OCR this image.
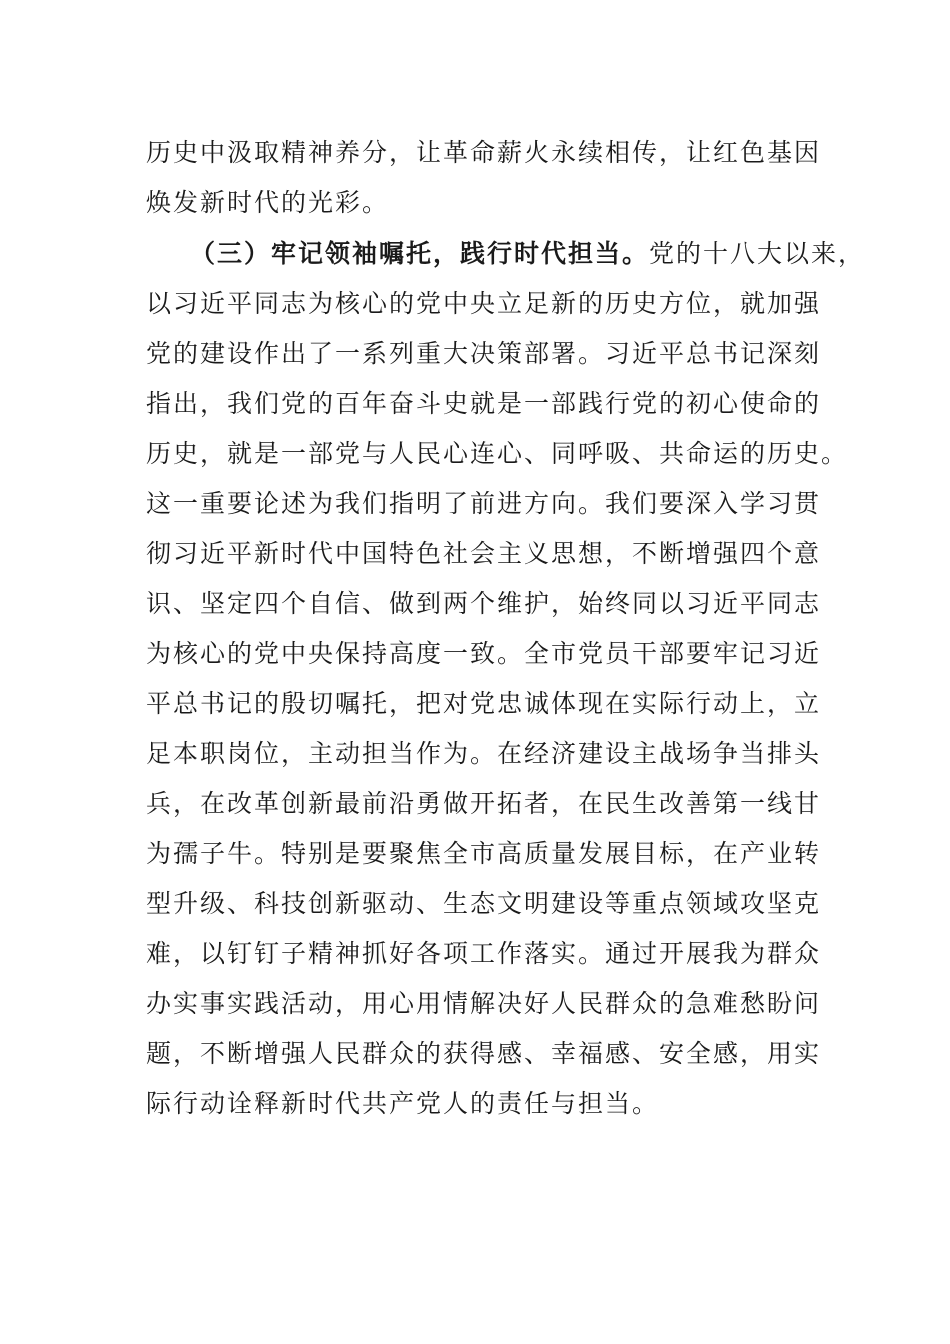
历史中汲取精神养分，让革命薪火永续相传，让红色基因
焕发新时代的光彩。
（三）牢记领袖嘱托，践行时代担当。党的十八大以来，
以习近平同志为核心的党中央立足新的历史方位，就加强
党的建设作出了一系列重大决策部署。习近平总书记深刻
指出，我们党的百年奋斗史就是一部践行党的初心使命的
历史，就是一部党与人民心连心、同呼吸、共命运的历史。
这一重要论述为我们指明了前进方向。我们要深入学习贯
彻习近平新时代中国特色社会主义思想，不断增强四个意
识、坚定四个自信、做到两个维护，始终同以习近平同志
为核心的党中央保持高度一致。全市党员干部要牢记习近
平总书记的殷切嘱托，把对党忠诚体现在实际行动上，立
足本职岗位，主动担当作为。在经济建设主战场争当排头
兵，在改革创新最前沿勇做开拓者，在民生改善第一线甘
为孺子牛。特别是要聚焦全市高质量发展目标，在产业转
型升级、科技创新驱动、生态文明建设等重点领域攻坚克
难，以钉钉子精神抓好各项工作落实。通过开展我为群众
办实事实践活动，用心用情解决好人民群众的急难愁盼问
题，不断增强人民群众的获得感、幸福感、安全感，用实
际行动诠释新时代共产党人的责任与担当。
